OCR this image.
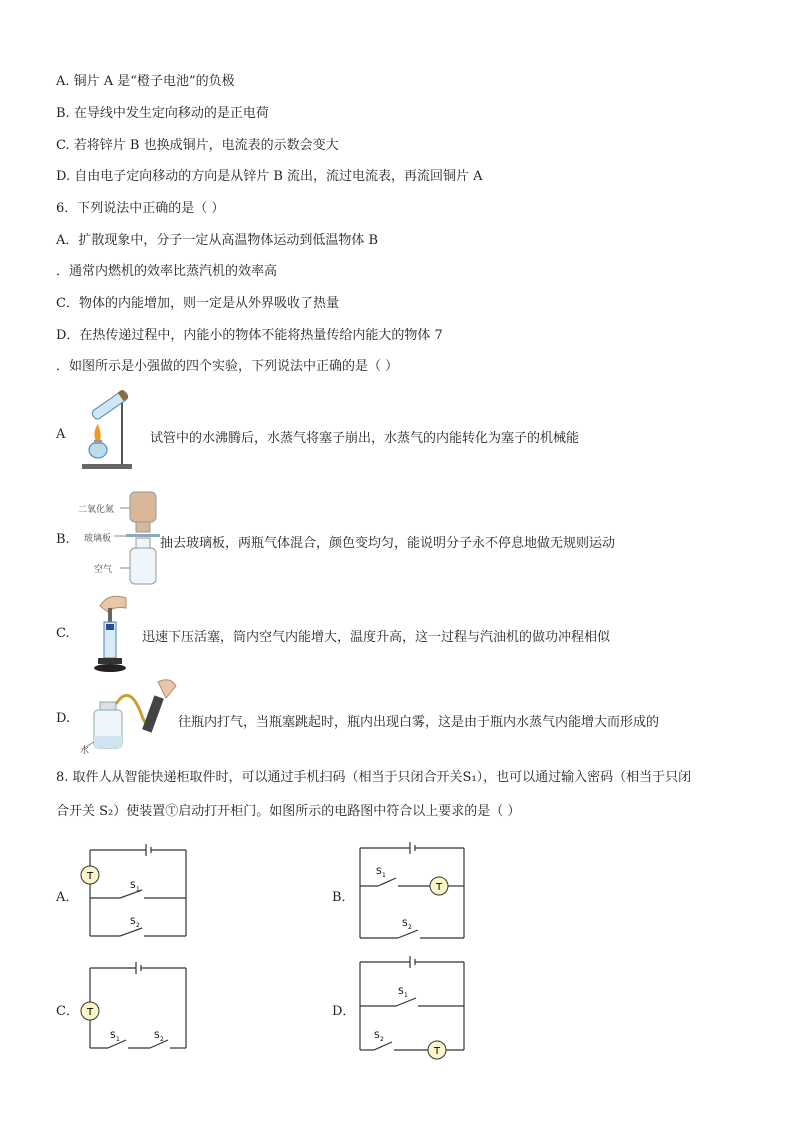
A. 铜片 A 是“橙子电池”的负极
B. 在导线中发生定向移动的是正电荷
C. 若将锌片 B 也换成铜片，电流表的示数会变大
D. 自由电子定向移动的方向是从锌片 B 流出，流过电流表，再流回铜片 A
6．下列说法中正确的是（ ）
A．扩散现象中，分子一定从高温物体运动到低温物体 B
．通常内燃机的效率比蒸汽机的效率高
C．物体的内能增加，则一定是从外界吸收了热量
D．在热传递过程中，内能小的物体不能将热量传给内能大的物体 7
．如图所示是小强做的四个实验，下列说法中正确的是（ ）
A	试管中的水沸腾后，水蒸气将塞子崩出，水蒸气的内能转化为塞子的机械能
B.
二氧化氮
玻璃板
空气
抽去玻璃板，两瓶气体混合，颜色变均匀，能说明分子永不停息地做无规则运动
C.	迅速下压活塞，筒内空气内能增大，温度升高，这一过程与汽油机的做功冲程相似
D.
水
往瓶内打气，当瓶塞跳起时，瓶内出现白雾，这是由于瓶内水蒸气内能增大而形成的
8. 取件人从智能快递柜取件时，可以通过手机扫码（相当于只闭合开关S₁），也可以通过输入密码（相当于只闭
合开关 S₂）使装置Ⓣ启动打开柜门。如图所示的电路图中符合以上要求的是（ ）
A．
T
S 1
S 2
B．
T
S 1
S 2
C． T
S 1	S 2
D．
T
S 1
S 2
